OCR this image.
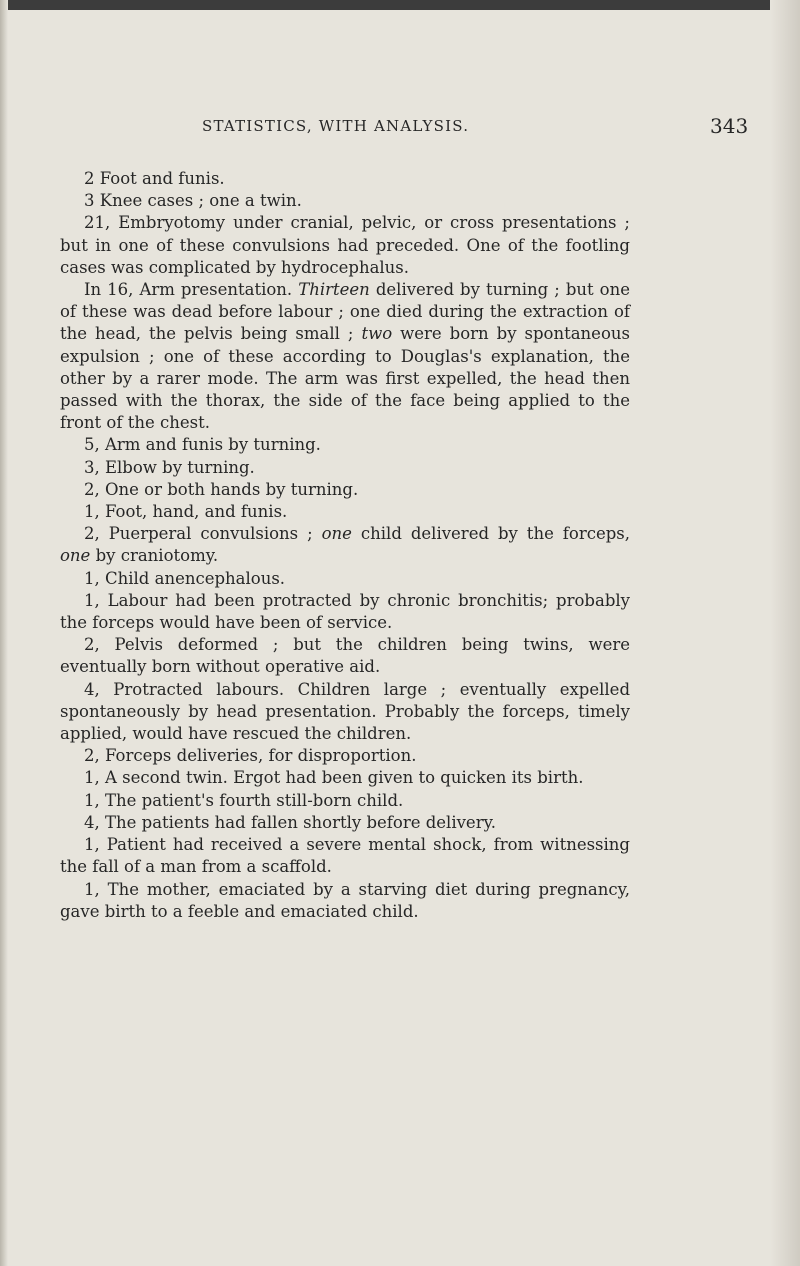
STATISTICS, WITH ANALYSIS.	343

2 Foot and funis.

3 Knee cases ; one a twin.

21, Embryotomy under cranial, pelvic, or cross presentations ; but in one of these convulsions had preceded. One of the footling cases was complicated by hydrocephalus.

In 16, Arm presentation. Thirteen delivered by turning ; but one of these was dead before labour ; one died during the extraction of the head, the pelvis being small ; two were born by spontaneous expulsion ; one of these according to Douglas's explanation, the other by a rarer mode. The arm was first expelled, the head then passed with the thorax, the side of the face being applied to the front of the chest.

5, Arm and funis by turning.

3, Elbow by turning.

2, One or both hands by turning.

1, Foot, hand, and funis.

2, Puerperal convulsions ; one child delivered by the forceps, one by craniotomy.

1, Child anencephalous.

1, Labour had been protracted by chronic bronchitis; probably the forceps would have been of service.

2, Pelvis deformed ; but the children being twins, were eventually born without operative aid.

4, Protracted labours. Children large ; eventually expelled spontaneously by head presentation. Probably the forceps, timely applied, would have rescued the children.

2, Forceps deliveries, for disproportion.

1, A second twin. Ergot had been given to quicken its birth.

1, The patient's fourth still-born child.

4, The patients had fallen shortly before delivery.

1, Patient had received a severe mental shock, from witnessing the fall of a man from a scaffold.

1, The mother, emaciated by a starving diet during pregnancy, gave birth to a feeble and emaciated child.
